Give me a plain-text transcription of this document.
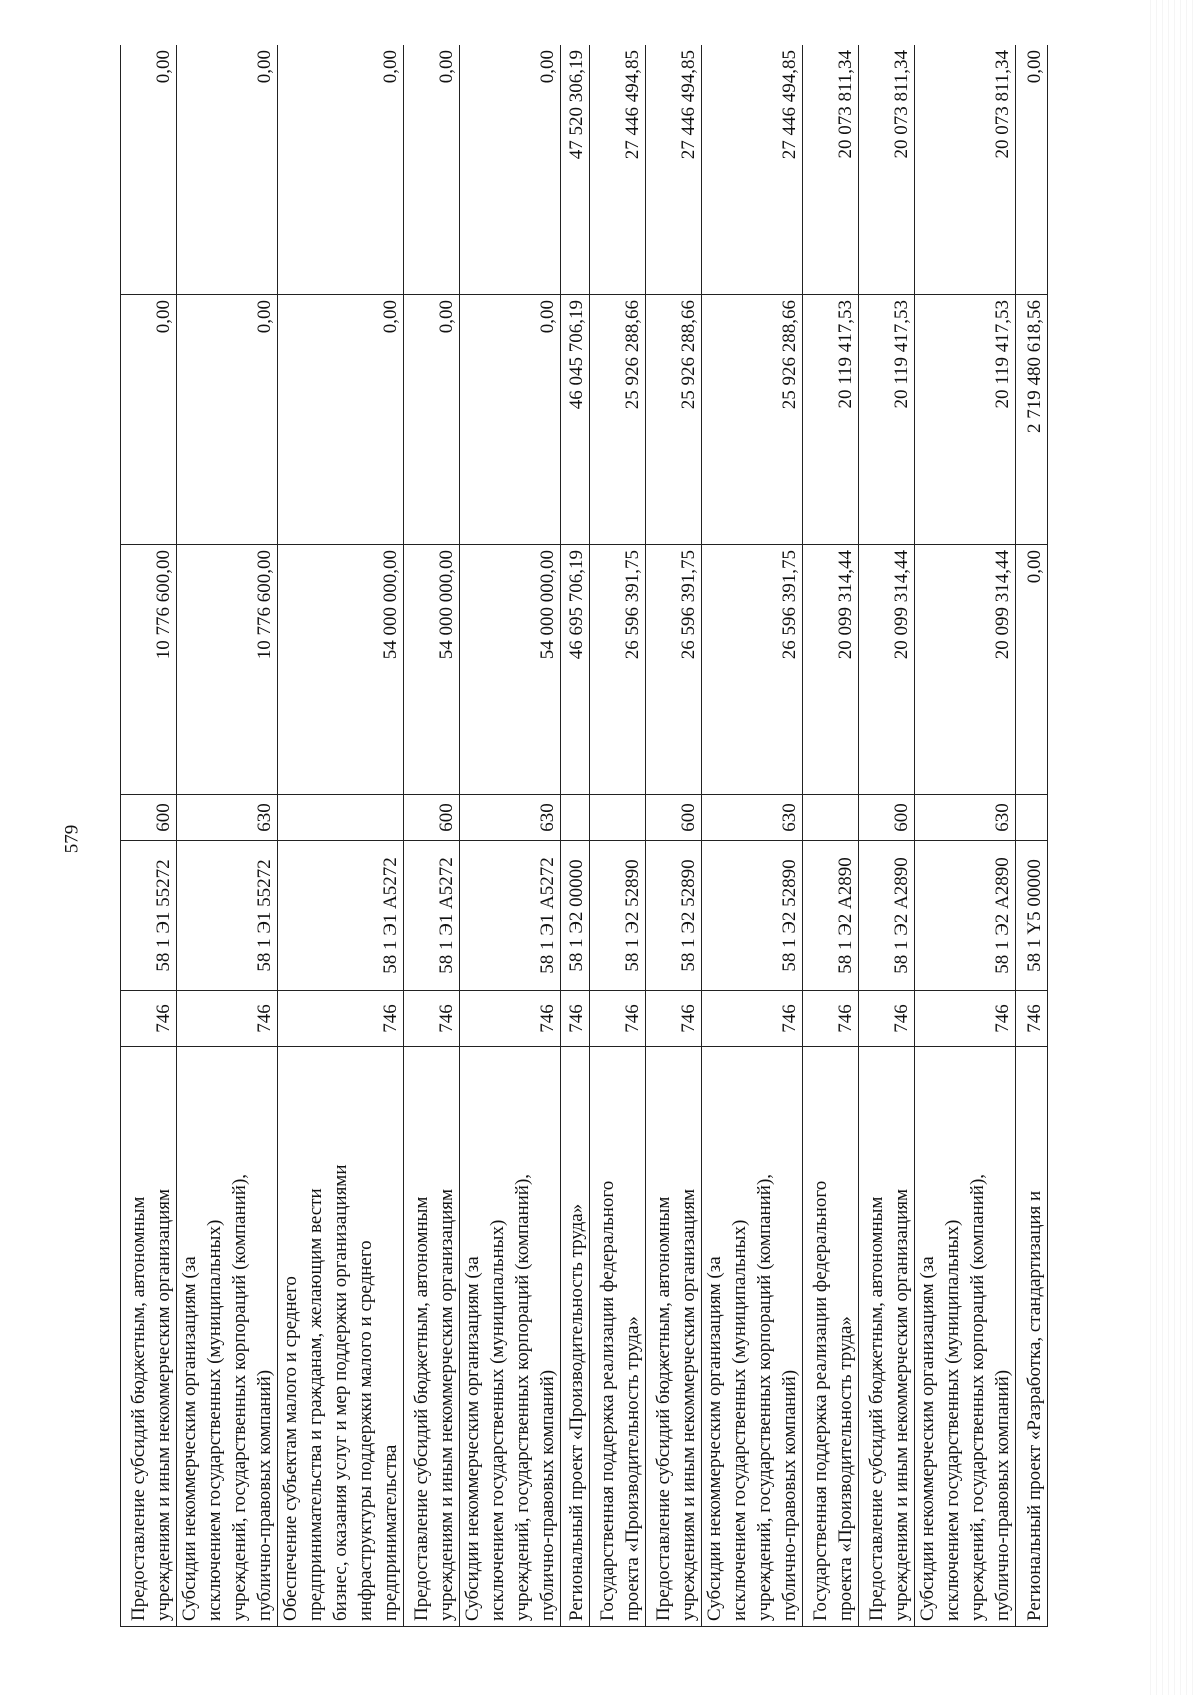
579
Предоставление субсидий бюджетным, автономным учреждениям и иным некоммерческим организациям	746	58 1 Э1 55272	600	10 776 600,00	0,00	0,00

Субсидии некоммерческим организациям (за исключением государственных (муниципальных) учреждений, государственных корпораций (компаний), публично-правовых компаний)	746	58 1 Э1 55272	630	10 776 600,00	0,00	0,00

Обеспечение субъектам малого и среднего предпринимательства и гражданам, желающим вести бизнес, оказания услуг и мер поддержки организациями инфраструктуры поддержки малого и среднего предпринимательства	746	58 1 Э1 А5272		54 000 000,00	0,00	0,00

Предоставление субсидий бюджетным, автономным учреждениям и иным некоммерческим организациям	746	58 1 Э1 А5272	600	54 000 000,00	0,00	0,00

Субсидии некоммерческим организациям (за исключением государственных (муниципальных) учреждений, государственных корпораций (компаний), публично-правовых компаний)	746	58 1 Э1 А5272	630	54 000 000,00	0,00	0,00

Региональный проект «Производительность труда»	746	58 1 Э2 00000		46 695 706,19	46 045 706,19	47 520 306,19

Государственная поддержка реализации федерального проекта «Производительность труда»	746	58 1 Э2 52890		26 596 391,75	25 926 288,66	27 446 494,85

Предоставление субсидий бюджетным, автономным учреждениям и иным некоммерческим организациям	746	58 1 Э2 52890	600	26 596 391,75	25 926 288,66	27 446 494,85

Субсидии некоммерческим организациям (за исключением государственных (муниципальных) учреждений, государственных корпораций (компаний), публично-правовых компаний)	746	58 1 Э2 52890	630	26 596 391,75	25 926 288,66	27 446 494,85

Государственная поддержка реализации федерального проекта «Производительность труда»	746	58 1 Э2 А2890		20 099 314,44	20 119 417,53	20 073 811,34

Предоставление субсидий бюджетным, автономным учреждениям и иным некоммерческим организациям	746	58 1 Э2 А2890	600	20 099 314,44	20 119 417,53	20 073 811,34

Субсидии некоммерческим организациям (за исключением государственных (муниципальных) учреждений, государственных корпораций (компаний), публично-правовых компаний)	746	58 1 Э2 А2890	630	20 099 314,44	20 119 417,53	20 073 811,34

Региональный проект «Разработка, стандартизация и	746	58 1 Y5 00000		0,00	2 719 480 618,56	0,00
